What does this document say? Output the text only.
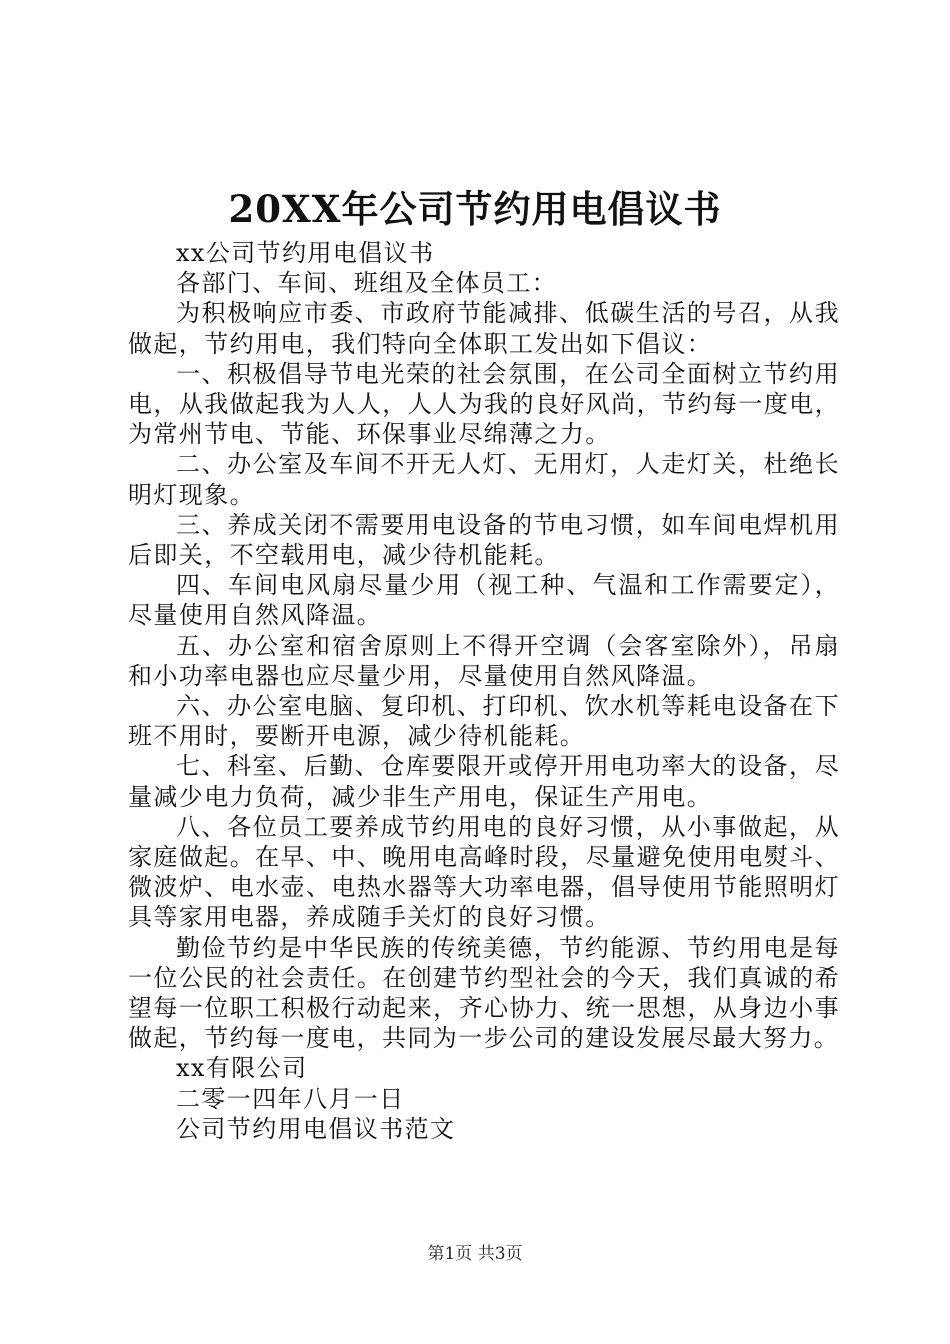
20XX年公司节约用电倡议书

xx公司节约用电倡议书

各部门、车间、班组及全体员工：

为积极响应市委、市政府节能减排、低碳生活的号召，从我做起，节约用电，我们特向全体职工发出如下倡议：

一、积极倡导节电光荣的社会氛围，在公司全面树立节约用电，从我做起我为人人，人人为我的良好风尚，节约每一度电，为常州节电、节能、环保事业尽绵薄之力。

二、办公室及车间不开无人灯、无用灯，人走灯关，杜绝长明灯现象。

三、养成关闭不需要用电设备的节电习惯，如车间电焊机用后即关，不空载用电，减少待机能耗。

四、车间电风扇尽量少用（视工种、气温和工作需要定），尽量使用自然风降温。

五、办公室和宿舍原则上不得开空调（会客室除外），吊扇和小功率电器也应尽量少用，尽量使用自然风降温。

六、办公室电脑、复印机、打印机、饮水机等耗电设备在下班不用时，要断开电源，减少待机能耗。

七、科室、后勤、仓库要限开或停开用电功率大的设备，尽量减少电力负荷，减少非生产用电，保证生产用电。

八、各位员工要养成节约用电的良好习惯，从小事做起，从家庭做起。在早、中、晚用电高峰时段，尽量避免使用电熨斗、微波炉、电水壶、电热水器等大功率电器，倡导使用节能照明灯具等家用电器，养成随手关灯的良好习惯。

勤俭节约是中华民族的传统美德，节约能源、节约用电是每一位公民的社会责任。在创建节约型社会的今天，我们真诚的希望每一位职工积极行动起来，齐心协力、统一思想，从身边小事做起，节约每一度电，共同为一步公司的建设发展尽最大努力。

xx有限公司

二零一四年八月一日

公司节约用电倡议书范文

第1页 共3页
